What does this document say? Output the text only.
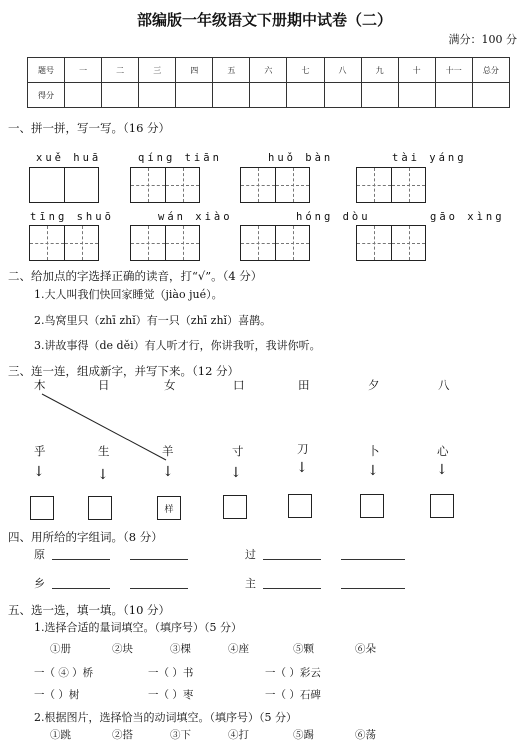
部编版一年级语文下册期中试卷（二）
满分：100 分
题号	一	二	三	四	五	六	七	八	九	十	十一	总分
得分												
一、拼一拼，写一写。（16 分）
xuě huā	qíng tiān	huǒ bàn	tài yáng
tīng shuō	wán xiào	hóng dòu	gāo xìng
二、给加点的字选择正确的读音，打“√”。（4 分）
1.大人叫我们快回家睡觉（jiào jué）。
2.鸟窝里只（zhī zhǐ）有一只（zhī zhǐ）喜鹊。
3.讲故事得（de děi）有人听才行，你讲我听，我讲你听。
三、连一连，组成新字，并写下来。（12 分）
木	日	女	口	田	夕	八
乎	生	羊	寸	刀	卜	心
↓	↓	↓	↓	↓	↓	↓
样
四、用所给的字组词。（8 分）
原	过
乡	主
五、选一选，填一填。（10 分）
1.选择合适的量词填空。（填序号）（5 分）
①册	②块	③棵	④座	⑤颗	⑥朵
一（ ④ ）桥	一（ ）书	一（ ）彩云
一（ ）树	一（ ）枣	一（ ）石碑
2.根据图片，选择恰当的动词填空。（填序号）（5 分）
①跳	②搭	③下	④打	⑤踢	⑥荡
